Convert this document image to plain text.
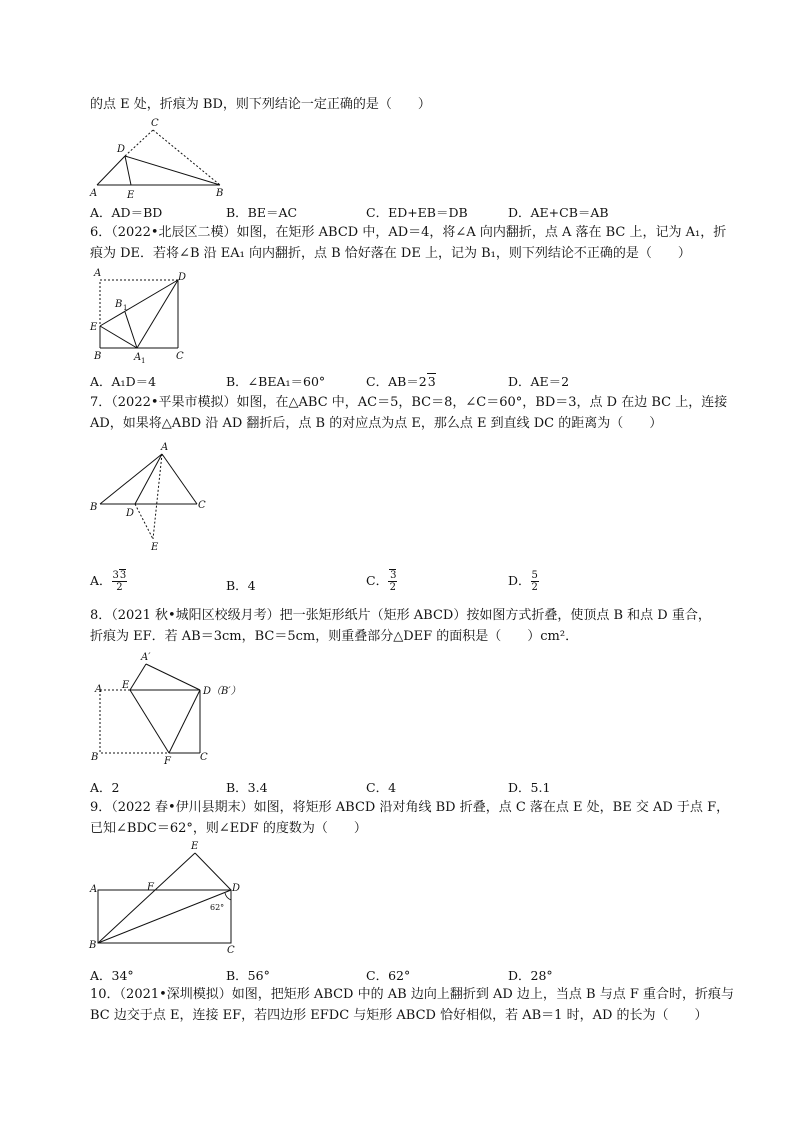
的点 E 处，折痕为 BD，则下列结论一定正确的是（　　）
C
D
A	E	B
A．AD＝BD	B．BE＝AC	C．ED+EB＝DB	D．AE+CB＝AB
6．（2022•北辰区二模）如图，在矩形 ABCD 中，AD＝4，将∠A 向内翻折，点 A 落在 BC 上，记为 A₁，折
痕为 DE．若将∠B 沿 EA₁ 向内翻折，点 B 恰好落在 DE 上，记为 B₁，则下列结论不正确的是（　　）
A	D
B 1
E
B	A 1	C
A．A₁D＝4	B．∠BEA₁＝60°	C．AB＝23	D．AE＝2
7．（2022•平果市模拟）如图，在△ABC 中，AC＝5，BC＝8，∠C＝60°，BD＝3，点 D 在边 BC 上，连接
AD，如果将△ABD 沿 AD 翻折后，点 B 的对应点为点 E，那么点 E 到直线 DC 的距离为（　　）
A
B
D
C
E
A． $\frac{33}{2}$	B．4	C． $\frac{3}{2}$	D． $\frac{5}{2}$
8．（2021 秋•城阳区校级月考）把一张矩形纸片（矩形 ABCD）按如图方式折叠，使顶点 B 和点 D 重合，
折痕为 EF．若 AB＝3cm，BC＝5cm，则重叠部分△DEF 的面积是（　　）cm²．
A′
A E
D（B′）
B	F	C
A．2	B．3.4	C．4	D．5.1
9．（2022 春•伊川县期末）如图，将矩形 ABCD 沿对角线 BD 折叠，点 C 落在点 E 处，BE 交 AD 于点 F，
已知∠BDC＝62°，则∠EDF 的度数为（　　）
E
A	F	D
62°
B	C
A．34°	B．56°	C．62°	D．28°
10．（2021•深圳模拟）如图，把矩形 ABCD 中的 AB 边向上翻折到 AD 边上，当点 B 与点 F 重合时，折痕与
BC 边交于点 E，连接 EF，若四边形 EFDC 与矩形 ABCD 恰好相似，若 AB＝1 时，AD 的长为（　　）
